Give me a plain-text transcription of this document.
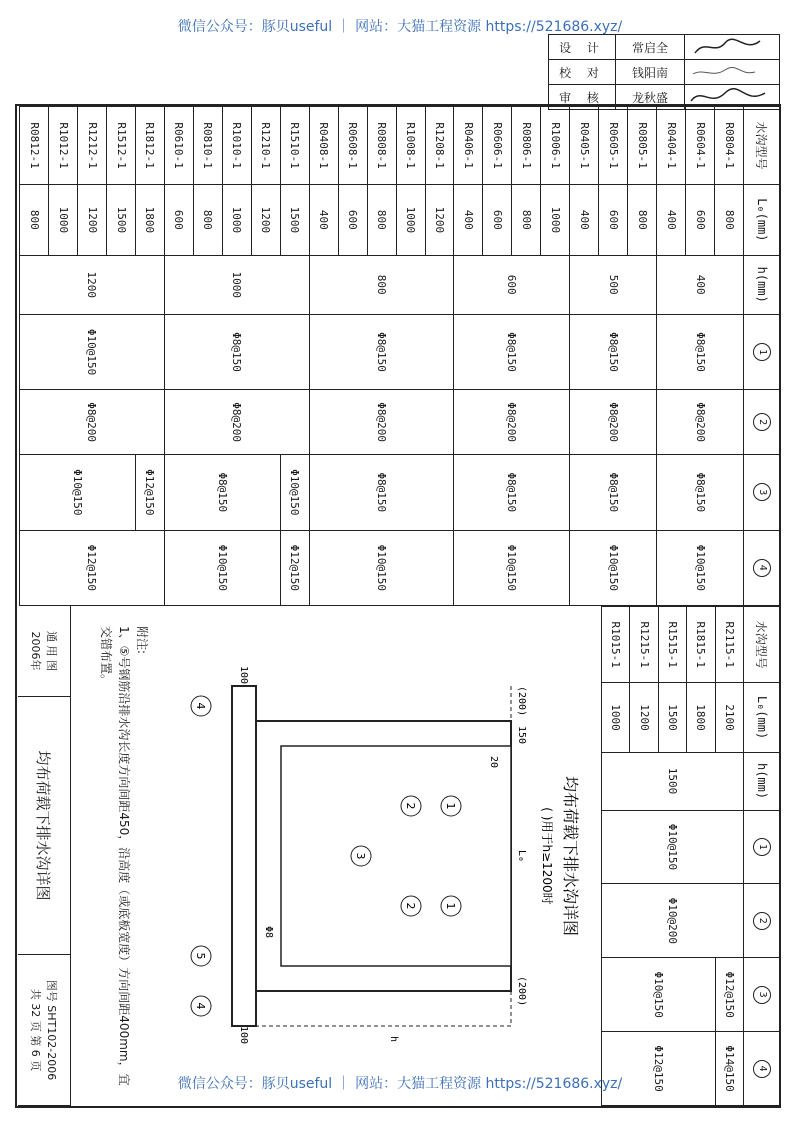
微信公众号：豚贝useful ｜ 网站：大猫工程资源 https://521686.xyz/
设 计	常启全
校 对	钱阳南
审 核	龙秋盛
水沟型号	L₀(mm)	h(mm)	1	2	3	4
R0804-1	800	400	Φ8@150	Φ8@200	Φ8@150	Φ10@150
R0604-1	600					
R0404-1	400					
R0805-1	800	500	Φ8@150	Φ8@200	Φ8@150	Φ10@150
R0605-1	600					
R0405-1	400					
R1006-1	1000	600	Φ8@150	Φ8@200	Φ8@150	Φ10@150
R0806-1	800					
R0606-1	600					
R0406-1	400					
R1208-1	1200	800	Φ8@150	Φ8@200	Φ8@150	Φ10@150
R1008-1	1000					
R0808-1	800					
R0608-1	600					
R0408-1	400					
R1510-1	1500	1000	Φ8@150	Φ8@200	Φ10@150	Φ12@150
R1210-1	1200				Φ8@150	Φ10@150
R1010-1	1000					
R0810-1	800					
R0610-1	600					
R1812-1	1800	1200	Φ10@150	Φ8@200	Φ12@150	Φ12@150
R1512-1	1500				Φ10@150	
R1212-1	1200					
R1012-1	1000					
R0812-1	800					
水沟型号	L₀(mm)	h(mm)	1	2	3	4
R2115-1	2100	1500	Φ10@150	Φ10@200	Φ12@150	Φ14@150
R1815-1	1800				Φ10@150	Φ12@150
R1515-1	1500					
R1215-1	1200					
R1015-1	1000					
均布荷载下排水沟详图
( )用于h≥1200时
(200)
150
L₀
(200)
h
100
100
20
Φ8
1
1
2
2
3
4
4
5
附注:
1、⑤号钢筋沿排水沟长度方向间距450，沿高度（或底板宽度）方向间距400mm，宜交错布置。
通 用 图
2006年
均布荷载下排水沟详图
图号 SHT102-2006
共 32 页 第 6 页
微信公众号：豚贝useful ｜ 网站：大猫工程资源 https://521686.xyz/
